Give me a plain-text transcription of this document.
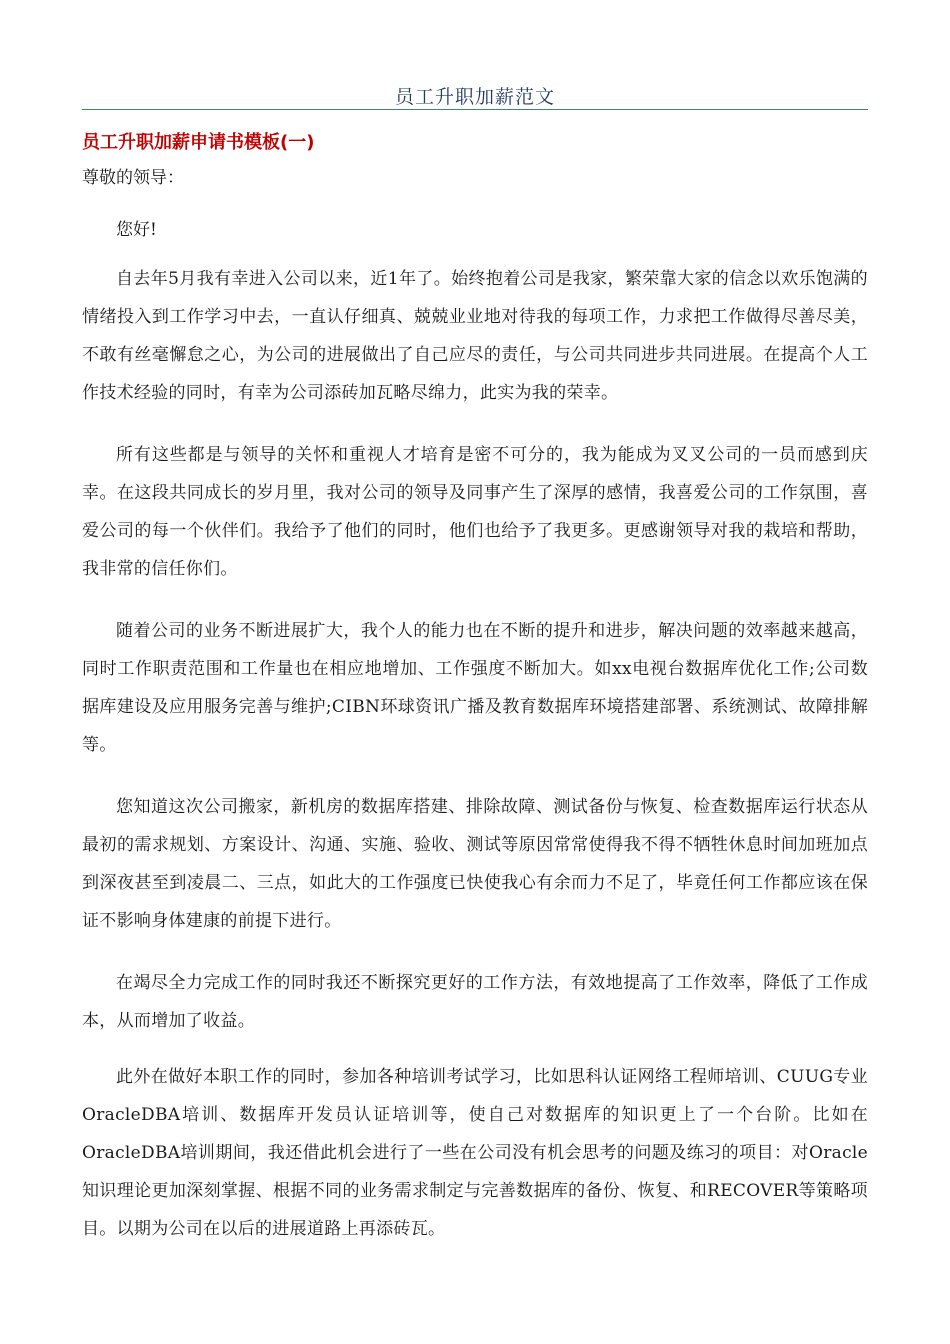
员工升职加薪范文
员工升职加薪申请书模板(一)
尊敬的领导：
您好!

自去年5月我有幸进入公司以来，近1年了。始终抱着公司是我家，繁荣靠大家的信念以欢乐饱满的情绪投入到工作学习中去，一直认仔细真、兢兢业业地对待我的每项工作，力求把工作做得尽善尽美，不敢有丝毫懈怠之心，为公司的进展做出了自己应尽的责任，与公司共同进步共同进展。在提高个人工作技术经验的同时，有幸为公司添砖加瓦略尽绵力，此实为我的荣幸。

所有这些都是与领导的关怀和重视人才培育是密不可分的，我为能成为叉叉公司的一员而感到庆幸。在这段共同成长的岁月里，我对公司的领导及同事产生了深厚的感情，我喜爱公司的工作氛围，喜爱公司的每一个伙伴们。我给予了他们的同时，他们也给予了我更多。更感谢领导对我的栽培和帮助，我非常的信任你们。

随着公司的业务不断进展扩大，我个人的能力也在不断的提升和进步，解决问题的效率越来越高，同时工作职责范围和工作量也在相应地增加、工作强度不断加大。如xx电视台数据库优化工作;公司数据库建设及应用服务完善与维护;CIBN环球资讯广播及教育数据库环境搭建部署、系统测试、故障排解等。

您知道这次公司搬家，新机房的数据库搭建、排除故障、测试备份与恢复、检查数据库运行状态从最初的需求规划、方案设计、沟通、实施、验收、测试等原因常常使得我不得不牺牲休息时间加班加点到深夜甚至到凌晨二、三点，如此大的工作强度已快使我心有余而力不足了，毕竟任何工作都应该在保证不影响身体建康的前提下进行。

在竭尽全力完成工作的同时我还不断探究更好的工作方法，有效地提高了工作效率，降低了工作成本，从而增加了收益。

此外在做好本职工作的同时，参加各种培训考试学习，比如思科认证网络工程师培训、CUUG专业OracleDBA培训、数据库开发员认证培训等，使自己对数据库的知识更上了一个台阶。比如在OracleDBA培训期间，我还借此机会进行了一些在公司没有机会思考的问题及练习的项目：对Oracle知识理论更加深刻掌握、根据不同的业务需求制定与完善数据库的备份、恢复、和RECOVER等策略项目。以期为公司在以后的进展道路上再添砖瓦。
